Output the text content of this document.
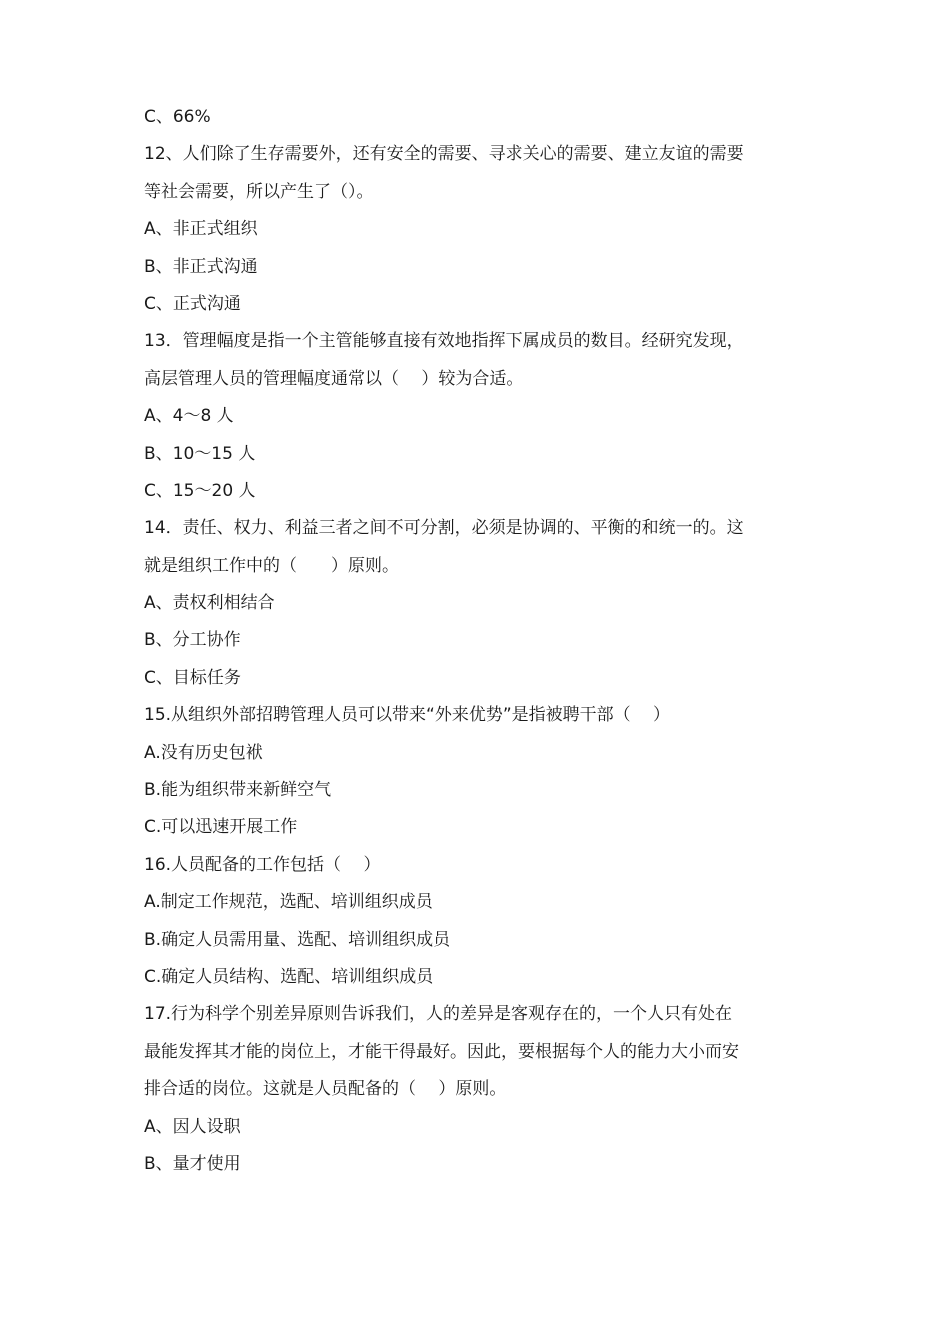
C、66%
12、人们除了生存需要外，还有安全的需要、寻求关心的需要、建立友谊的需要
等社会需要，所以产生了（）。
A、非正式组织
B、非正式沟通
C、正式沟通
13．管理幅度是指一个主管能够直接有效地指挥下属成员的数目。经研究发现，
高层管理人员的管理幅度通常以（　 ）较为合适。
A、4～8 人
B、10～15 人
C、15～20 人
14．责任、权力、利益三者之间不可分割，必须是协调的、平衡的和统一的。这
就是组织工作中的（　　）原则。
A、责权利相结合
B、分工协作
C、目标任务
15.从组织外部招聘管理人员可以带来“外来优势”是指被聘干部（　 ）
A.没有历史包袱
B.能为组织带来新鲜空气
C.可以迅速开展工作
16.人员配备的工作包括（　 ）
A.制定工作规范，选配、培训组织成员
B.确定人员需用量、选配、培训组织成员
C.确定人员结构、选配、培训组织成员
17.行为科学个别差异原则告诉我们，人的差异是客观存在的，一个人只有处在
最能发挥其才能的岗位上，才能干得最好。因此，要根据每个人的能力大小而安
排合适的岗位。这就是人员配备的（　 ）原则。
A、因人设职
B、量才使用
